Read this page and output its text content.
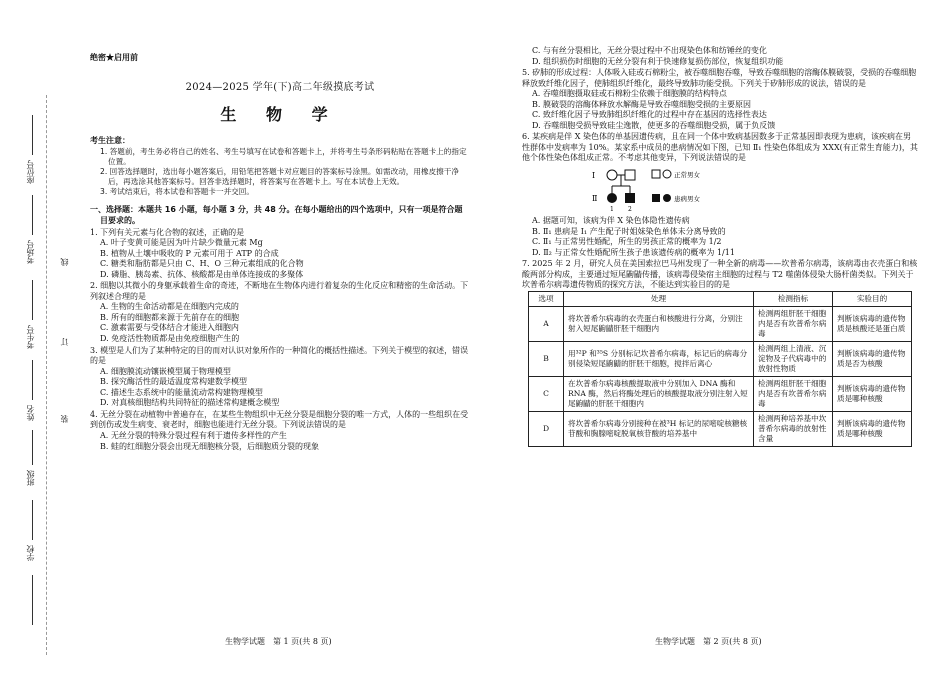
座位号
考场号
考生号
姓名
班级
学校
线
订
装
绝密★启用前
2024—2025 学年(下)高二年级摸底考试
生 物 学
考生注意：
1. 答题前，考生务必将自己的姓名、考生号填写在试卷和答题卡上，并将考生号条形码粘贴在答题卡上的指定位置。
2. 回答选择题时，选出每小题答案后，用铅笔把答题卡对应题目的答案标号涂黑。如需改动，用橡皮擦干净后，再选涂其他答案标号。回答非选择题时，将答案写在答题卡上。写在本试卷上无效。
3. 考试结束后，将本试卷和答题卡一并交回。
一、选择题：本题共 16 小题，每小题 3 分，共 48 分。在每小题给出的四个选项中，只有一项是符合题目要求的。
1. 下列有关元素与化合物的叙述，正确的是
A. 叶子变黄可能是因为叶片缺少微量元素 Mg
B. 植物从土壤中吸收的 P 元素可用于 ATP 的合成
C. 糖类和脂肪都是只由 C、H、O 三种元素组成的化合物
D. 磷脂、胰岛素、抗体、核酸都是由单体连接成的多聚体
2. 细胞以其微小的身躯承载着生命的奇迹，不断地在生物体内进行着复杂的生化反应和精密的生命活动。下列叙述合理的是
A. 生物的生命活动都是在细胞内完成的
B. 所有的细胞都来源于先前存在的细胞
C. 激素需要与受体结合才能进入细胞内
D. 免疫活性物质都是由免疫细胞产生的
3. 模型是人们为了某种特定的目的而对认识对象所作的一种简化的概括性描述。下列关于模型的叙述，错误的是
A. 细胞膜流动镶嵌模型属于物理模型
B. 探究酶活性的最适温度常构建数学模型
C. 描述生态系统中的能量流动常构建物理模型
D. 对真核细胞结构共同特征的描述常构建概念模型
4. 无丝分裂在动植物中普遍存在，在某些生物组织中无丝分裂是细胞分裂的唯一方式，人体的一些组织在受到创伤或发生病变、衰老时，细胞也能进行无丝分裂。下列说法错误的是
A. 无丝分裂的特殊分裂过程有利于遗传多样性的产生
B. 蛙的红细胞分裂会出现无细胞核分裂，后细胞质分裂的现象
生物学试题　第 1 页(共 8 页)
C. 与有丝分裂相比，无丝分裂过程中不出现染色体和纺锤丝的变化
D. 组织损伤时细胞的无丝分裂有利于快速修复损伤部位，恢复组织功能
5. 矽肺的形成过程：人体吸入硅或石棉粉尘，被吞噬细胞吞噬，导致吞噬细胞的溶酶体膜破裂，受损的吞噬细胞释放致纤维化因子，使肺组织纤维化，最终导致肺功能受损。下列关于矽肺形成的说法，错误的是
A. 吞噬细胞摄取硅或石棉粉尘依赖于细胞膜的结构特点
B. 膜破裂的溶酶体释放水解酶是导致吞噬细胞受损的主要原因
C. 致纤维化因子导致肺组织纤维化的过程中存在基因的选择性表达
D. 吞噬细胞受损导致硅尘逸散，使更多的吞噬细胞受损，属于负反馈
6. 某疾病是伴 X 染色体的单基因遗传病，且在同一个体中致病基因数多于正常基因即表现为患病，该疾病在男性群体中发病率为 10%。某家系中成员的患病情况如下图，已知 Ⅱ₁ 性染色体组成为 XXX(有正常生育能力)，其他个体性染色体组成正常。不考虑其他变异，下列说法错误的是
Ⅰ
Ⅱ
1 2
正常男女
患病男女
A. 据题可知，该病为伴 X 染色体隐性遗传病
B. Ⅱ₁ 患病是 Ⅰ₁ 产生配子时姐妹染色单体未分离导致的
C. Ⅱ₁ 与正常男性婚配，所生的男孩正常的概率为 1/2
D. Ⅱ₂ 与正常女性婚配所生孩子患该遗传病的概率为 1/11
7. 2025 年 2 月，研究人员在美国索拉巴马州发现了一种全新的病毒——坎普希尔病毒，该病毒由衣壳蛋白和核酸两部分构成，主要通过短尾鼩鼱传播，该病毒侵染宿主细胞的过程与 T2 噬菌体侵染大肠杆菌类似。下列关于坎普希尔病毒遗传物质的探究方法，不能达到实验目的的是
选项	处理	检测指标	实验目的
A	将坎普希尔病毒的衣壳蛋白和核酸进行分离，分别注射入短尾鼩鼱肝胚干细胞内	检测两组肝胚干细胞内是否有坎普希尔病毒	判断该病毒的遗传物质是核酸还是蛋白质
B	用³²P 和³⁵S 分别标记坎普希尔病毒，标记后的病毒分别侵染短尾鼩鼱的肝胚干细胞，搅拌后离心	检测两组上清液、沉淀物及子代病毒中的放射性物质	判断该病毒的遗传物质是否为核酸
C	在坎普希尔病毒核酸提取液中分别加入 DNA 酶和 RNA 酶，然后将酶处理后的核酸提取液分别注射入短尾鼩鼱的肝胚干细胞内	检测两组肝胚干细胞内是否有坎普希尔病毒	判断该病毒的遗传物质是哪种核酸
D	将坎普希尔病毒分别接种在被³H 标记的尿嘧啶核糖核苷酸和胸腺嘧啶脱氧核苷酸的培养基中	检测两种培养基中坎普希尔病毒的放射性含量	判断该病毒的遗传物质是哪种核酸
生物学试题　第 2 页(共 8 页)
